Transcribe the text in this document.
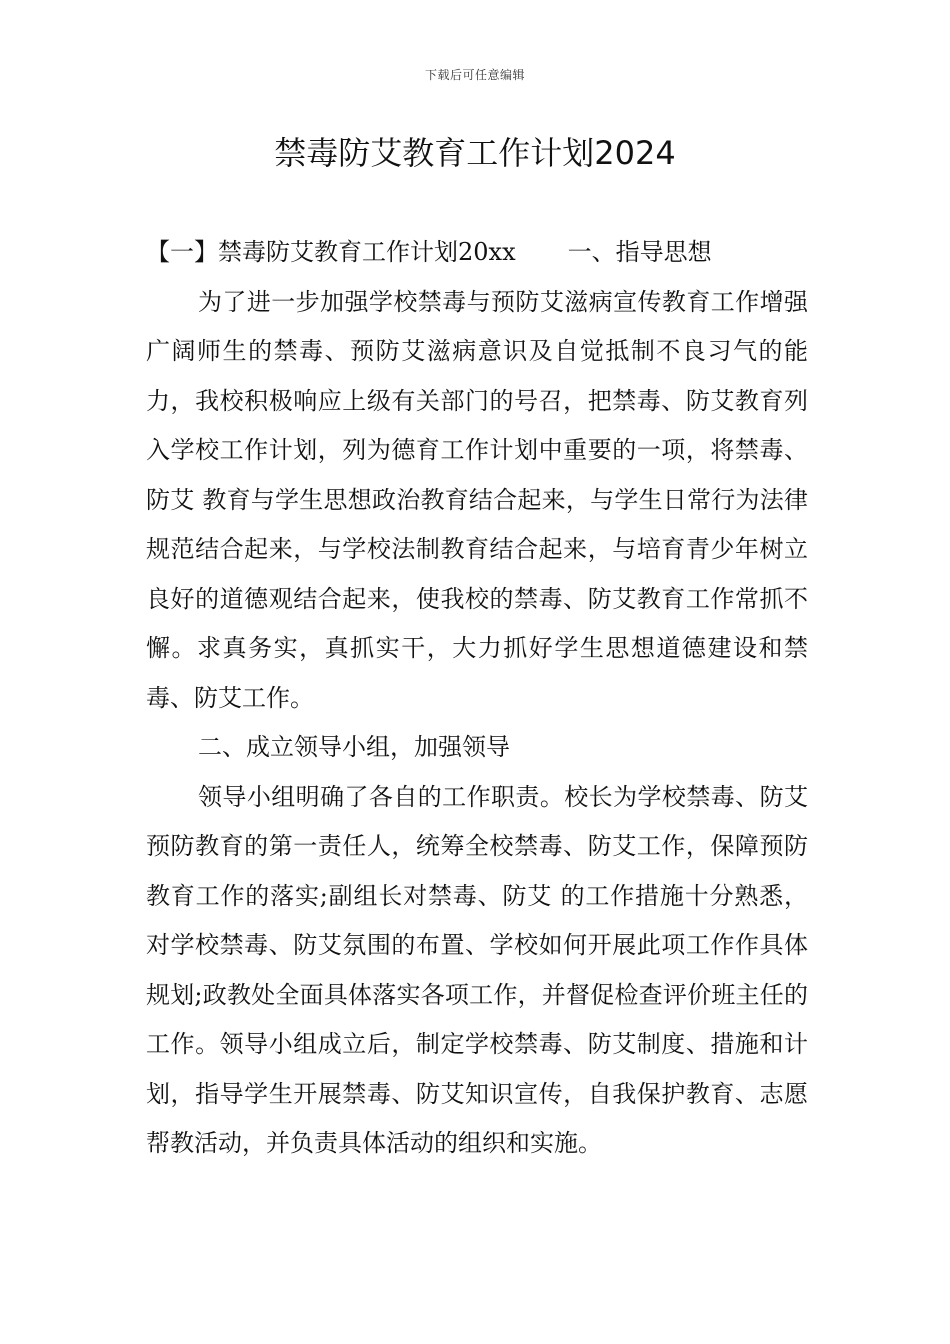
下载后可任意编辑
禁毒防艾教育工作计划2024

【一】禁毒防艾教育工作计划20xx 一、指导思想

为了进一步加强学校禁毒与预防艾滋病宣传教育工作增强广阔师生的禁毒、预防艾滋病意识及自觉抵制不良习气的能力，我校积极响应上级有关部门的号召，把禁毒、防艾教育列入学校工作计划，列为德育工作计划中重要的一项，将禁毒、防艾 教育与学生思想政治教育结合起来，与学生日常行为法律规范结合起来，与学校法制教育结合起来，与培育青少年树立良好的道德观结合起来，使我校的禁毒、防艾教育工作常抓不懈。求真务实，真抓实干，大力抓好学生思想道德建设和禁毒、防艾工作。

二、成立领导小组，加强领导

领导小组明确了各自的工作职责。校长为学校禁毒、防艾预防教育的第一责任人，统筹全校禁毒、防艾工作，保障预防教育工作的落实;副组长对禁毒、防艾 的工作措施十分熟悉，对学校禁毒、防艾氛围的布置、学校如何开展此项工作作具体规划;政教处全面具体落实各项工作，并督促检查评价班主任的工作。领导小组成立后，制定学校禁毒、防艾制度、措施和计划，指导学生开展禁毒、防艾知识宣传，自我保护教育、志愿帮教活动，并负责具体活动的组织和实施。
